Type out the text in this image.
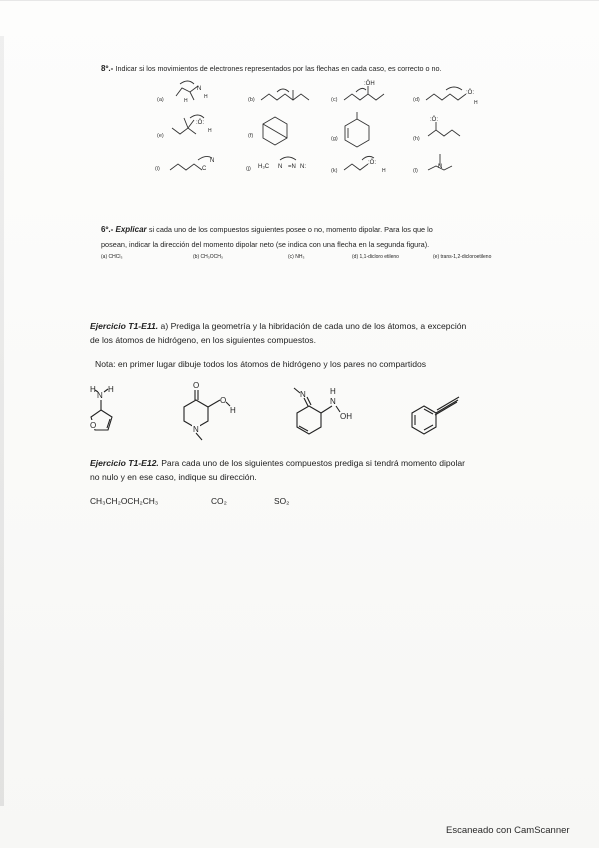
8º.- Indicar si los movimientos de electrones representados por las flechas en cada caso, es correcto o no.
(a)	(b)	(c)	(d)
(e)	(f)	(g)	(h)
(i)	(j)	(k)	(l)
N
H
H
:ÖH
:Ö:
H
:Ö:
H
:Ö:
C
N
H₃C N =N N:
:Ö:
H
N
6º.- Explicar si cada uno de los compuestos siguientes posee o no, momento dipolar. Para los que lo
posean, indicar la dirección del momento dipolar neto (se indica con una flecha en la segunda figura).
(a) CHCl₃	(b) CH₃OCH₃	(c) NH₃	(d) 1,1-dicloro etileno	(e) trans-1,2-dicloroetileno
Ejercicio T1-E11. a) Prediga la geometría y la hibridación de cada uno de los átomos, a excepción
de los átomos de hidrógeno, en los siguientes compuestos.
Nota: en primer lugar dibuje todos los átomos de hidrógeno y los pares no compartidos
H
N
H
O
O
O
H
N
N
N
H
OH
Ejercicio T1-E12. Para cada uno de los siguientes compuestos prediga si tendrá momento dipolar
no nulo y en ese caso, indique su dirección.
CH₃CH₂OCH₂CH₃	CO₂	SO₂
Escaneado con CamScanner
